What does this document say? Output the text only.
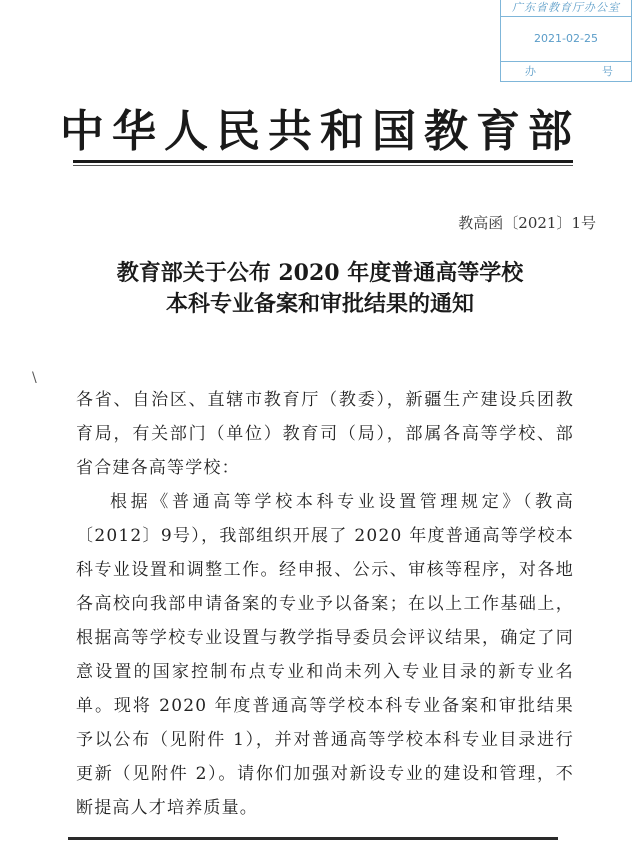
广东省教育厅办公室
2021-02-25
办	号
中华人民共和国教育部
教高函〔2021〕1号
教育部关于公布 2020 年度普通高等学校
本科专业备案和审批结果的通知
\

各省、自治区、直辖市教育厅（教委），新疆生产建设兵团教育局，有关部门（单位）教育司（局），部属各高等学校、部省合建各高等学校：

根据《普通高等学校本科专业设置管理规定》（教高〔2012〕9号），我部组织开展了 2020 年度普通高等学校本科专业设置和调整工作。经申报、公示、审核等程序，对各地各高校向我部申请备案的专业予以备案；在以上工作基础上，根据高等学校专业设置与教学指导委员会评议结果，确定了同意设置的国家控制布点专业和尚未列入专业目录的新专业名单。现将 2020 年度普通高等学校本科专业备案和审批结果予以公布（见附件 1），并对普通高等学校本科专业目录进行更新（见附件 2）。请你们加强对新设专业的建设和管理，不断提高人才培养质量。
